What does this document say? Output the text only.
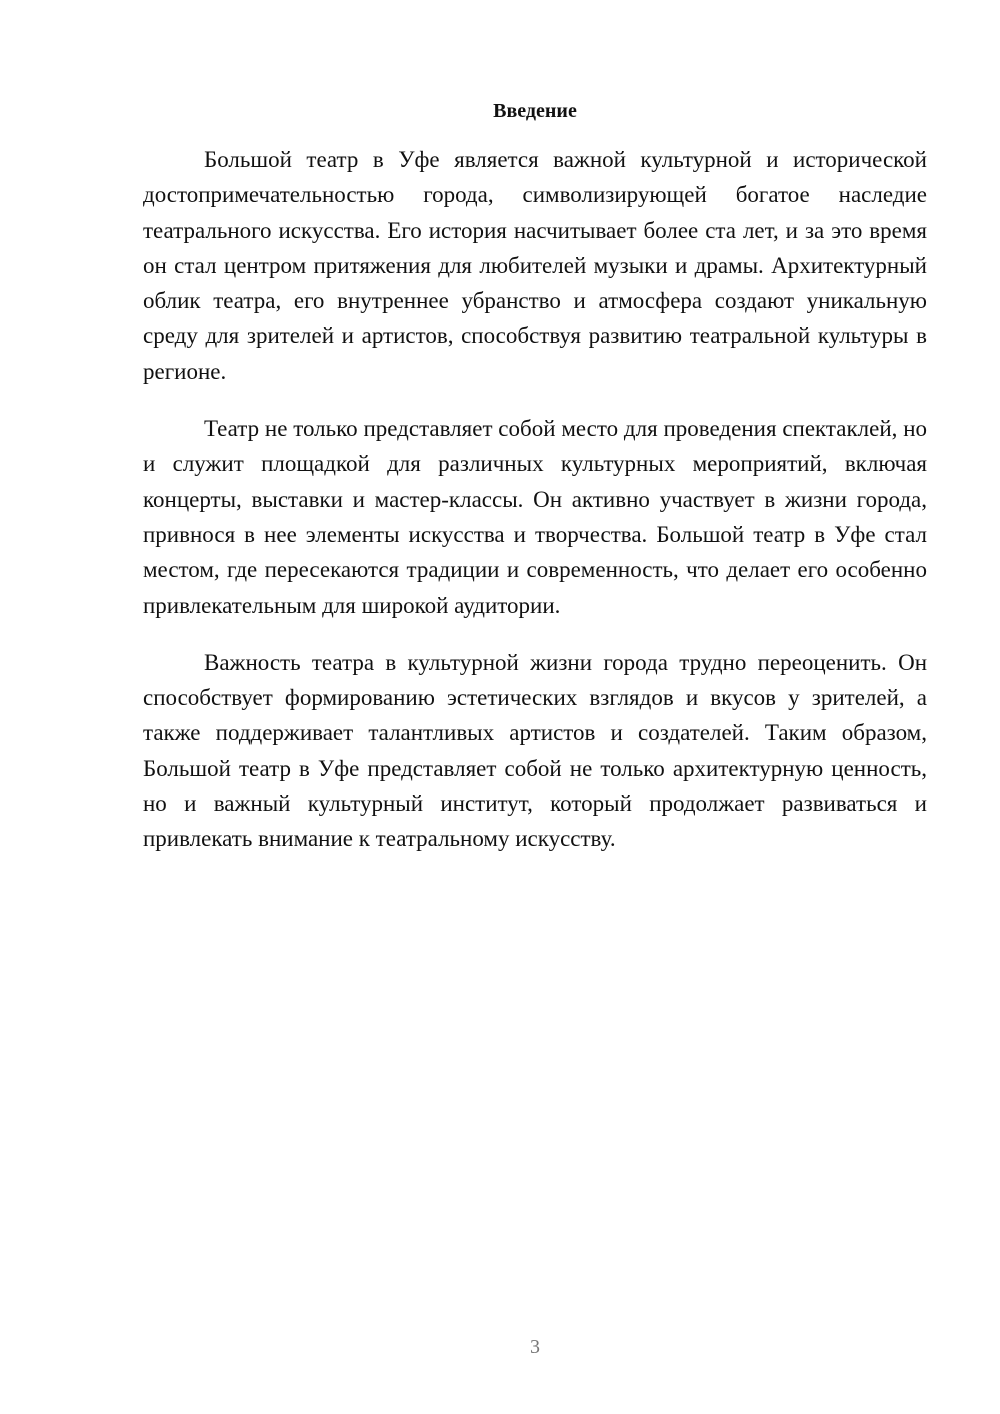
Введение

Большой театр в Уфе является важной культурной и исторической достопримечательностью города, символизирующей богатое наследие театрального искусства. Его история насчитывает более ста лет, и за это время он стал центром притяжения для любителей музыки и драмы. Архитектурный облик театра, его внутреннее убранство и атмосфера создают уникальную среду для зрителей и артистов, способствуя развитию театральной культуры в регионе.

Театр не только представляет собой место для проведения спектаклей, но и служит площадкой для различных культурных мероприятий, включая концерты, выставки и мастер-классы. Он активно участвует в жизни города, привнося в нее элементы искусства и творчества. Большой театр в Уфе стал местом, где пересекаются традиции и современность, что делает его особенно привлекательным для широкой аудитории.

Важность театра в культурной жизни города трудно переоценить. Он способствует формированию эстетических взглядов и вкусов у зрителей, а также поддерживает талантливых артистов и создателей. Таким образом, Большой театр в Уфе представляет собой не только архитектурную ценность, но и важный культурный институт, который продолжает развиваться и привлекать внимание к театральному искусству.

3
